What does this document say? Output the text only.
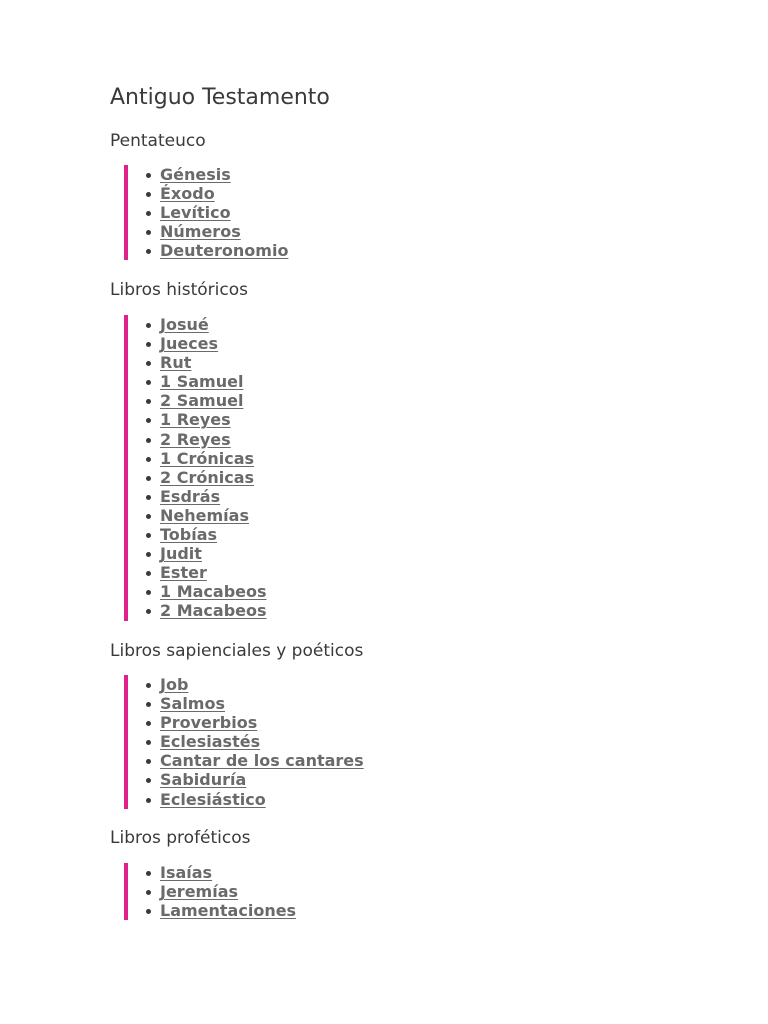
Antiguo Testamento
Pentateuco
Génesis
Éxodo
Levítico
Números
Deuteronomio
Libros históricos
Josué
Jueces
Rut
1 Samuel
2 Samuel
1 Reyes
2 Reyes
1 Crónicas
2 Crónicas
Esdrás
Nehemías
Tobías
Judit
Ester
1 Macabeos
2 Macabeos
Libros sapienciales y poéticos
Job
Salmos
Proverbios
Eclesiastés
Cantar de los cantares
Sabiduría
Eclesiástico
Libros proféticos
Isaías
Jeremías
Lamentaciones
